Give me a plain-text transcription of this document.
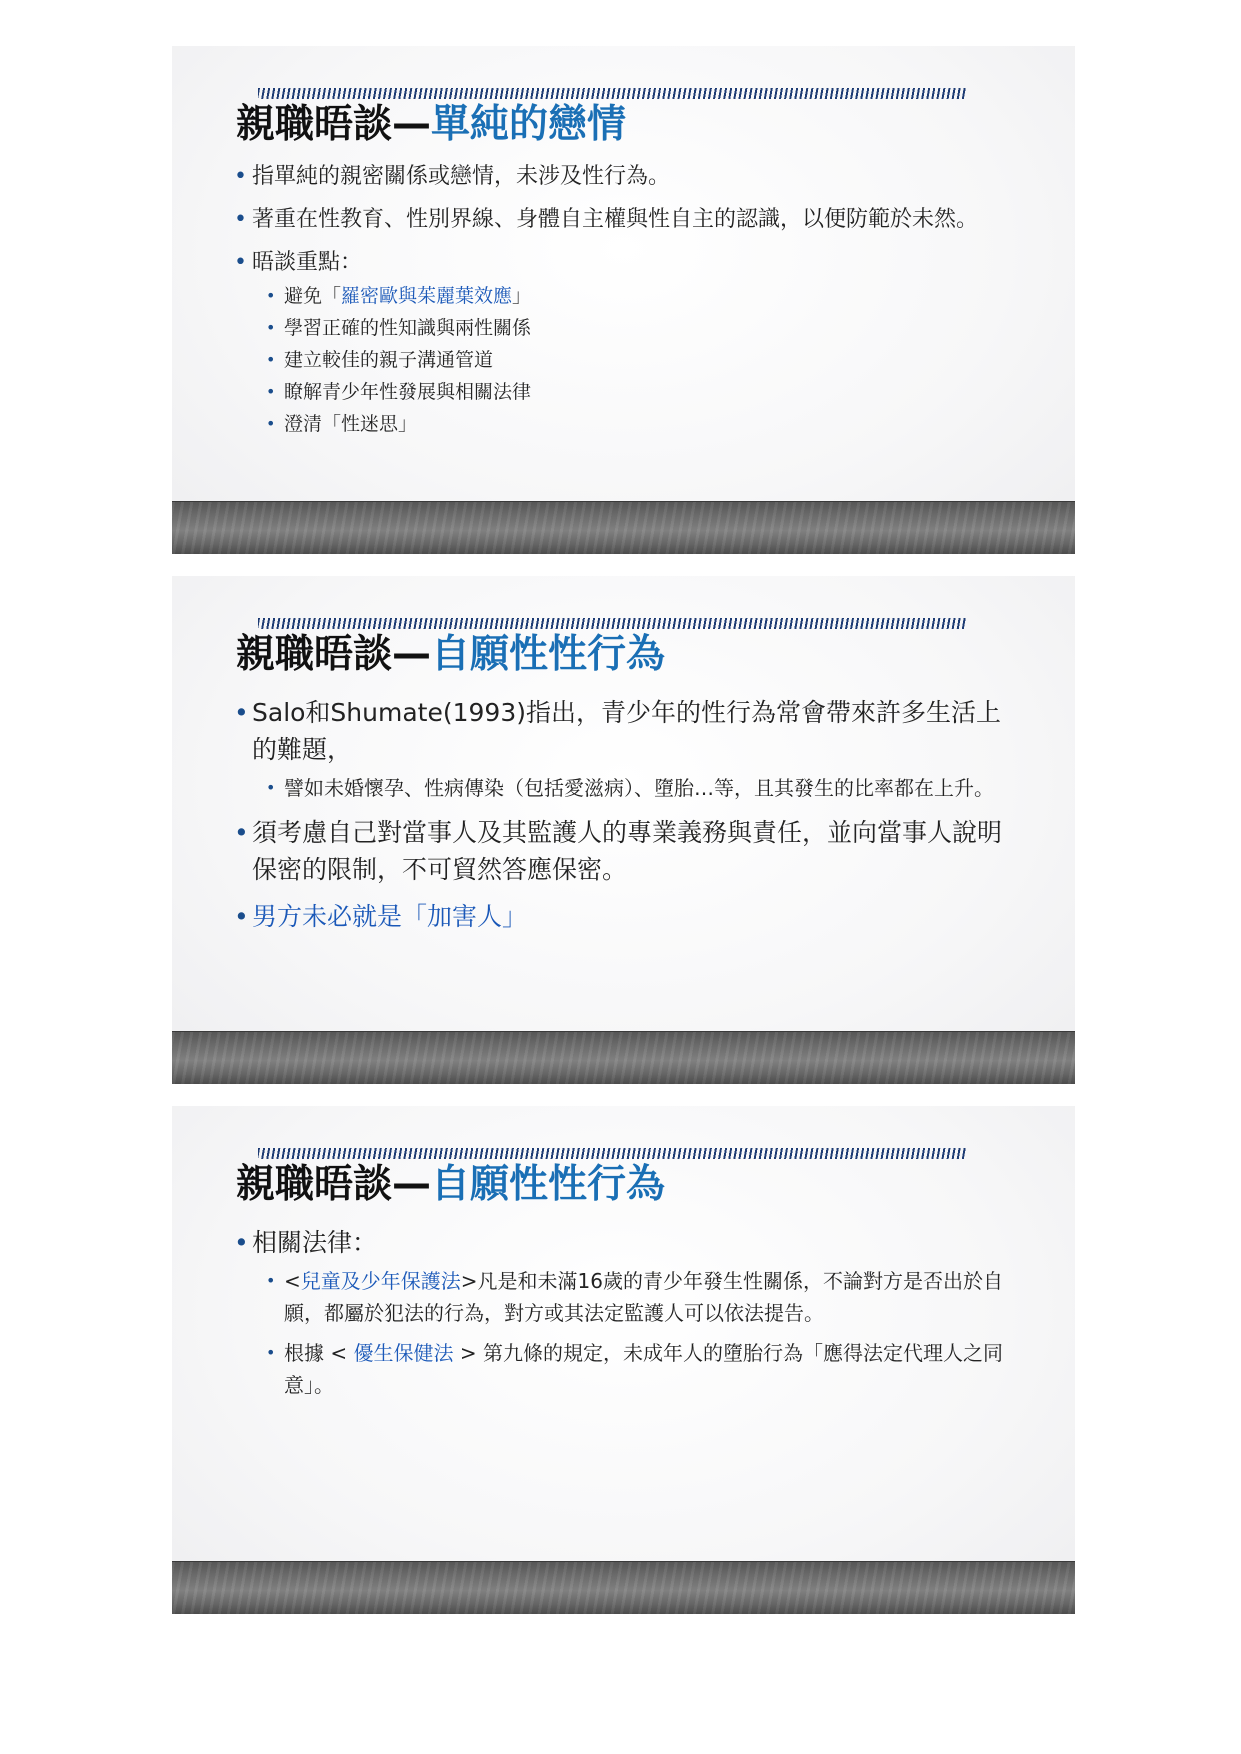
親職晤談—單純的戀情

• 指單純的親密關係或戀情，未涉及性行為。

• 著重在性教育、性別界線、身體自主權與性自主的認識，以便防範於未然。

• 晤談重點：

• 避免「羅密歐與茱麗葉效應」

• 學習正確的性知識與兩性關係

• 建立較佳的親子溝通管道

• 瞭解青少年性發展與相關法律

• 澄清「性迷思」

親職晤談—自願性性行為

• Salo和Shumate(1993)指出，青少年的性行為常會帶來許多生活上的難題，

• 譬如未婚懷孕、性病傳染（包括愛滋病）、墮胎…等，且其發生的比率都在上升。

• 須考慮自己對當事人及其監護人的專業義務與責任，並向當事人說明保密的限制，不可貿然答應保密。

• 男方未必就是「加害人」

親職晤談—自願性性行為

• 相關法律：

• <兒童及少年保護法>凡是和未滿16歲的青少年發生性關係，不論對方是否出於自願，都屬於犯法的行為，對方或其法定監護人可以依法提告。

• 根據 < 優生保健法 > 第九條的規定，未成年人的墮胎行為「應得法定代理人之同意」。
